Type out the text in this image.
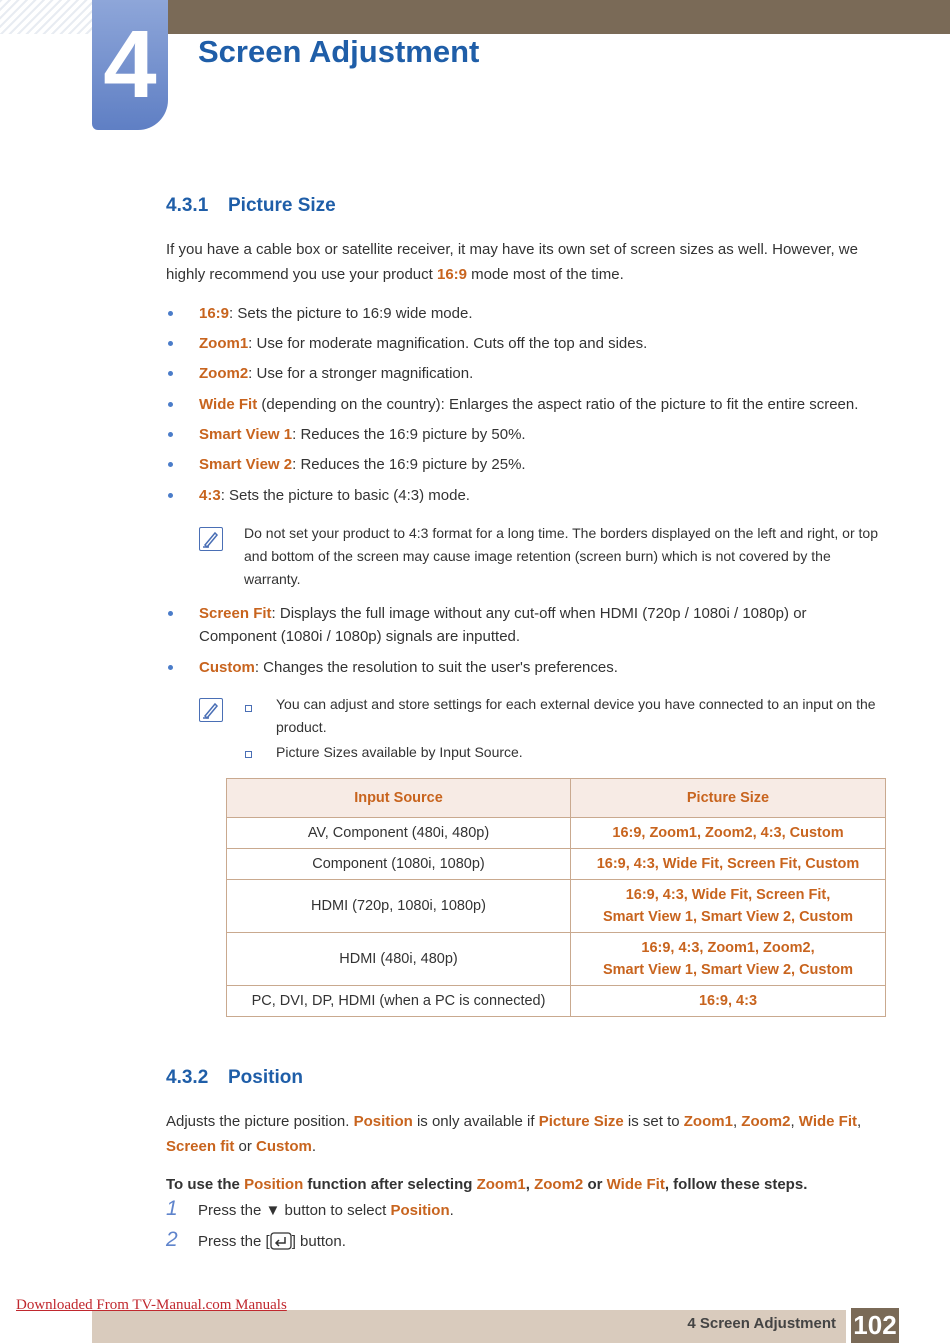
4	Screen Adjustment
4.3.1 Picture Size
If you have a cable box or satellite receiver, it may have its own set of screen sizes as well. However, we highly recommend you use your product 16:9 mode most of the time.
16:9: Sets the picture to 16:9 wide mode.
Zoom1: Use for moderate magnification. Cuts off the top and sides.
Zoom2: Use for a stronger magnification.
Wide Fit (depending on the country): Enlarges the aspect ratio of the picture to fit the entire screen.
Smart View 1: Reduces the 16:9 picture by 50%.
Smart View 2: Reduces the 16:9 picture by 25%.
4:3: Sets the picture to basic (4:3) mode.
Do not set your product to 4:3 format for a long time. The borders displayed on the left and right, or top and bottom of the screen may cause image retention (screen burn) which is not covered by the warranty.
Screen Fit: Displays the full image without any cut-off when HDMI (720p / 1080i / 1080p) or Component (1080i / 1080p) signals are inputted.
Custom: Changes the resolution to suit the user's preferences.
You can adjust and store settings for each external device you have connected to an input on the product.
Picture Sizes available by Input Source.
Input Source	Picture Size
AV, Component (480i, 480p)	16:9, Zoom1, Zoom2, 4:3, Custom
Component (1080i, 1080p)	16:9, 4:3, Wide Fit, Screen Fit, Custom
HDMI (720p, 1080i, 1080p)	16:9, 4:3, Wide Fit, Screen Fit,
Smart View 1, Smart View 2, Custom
HDMI (480i, 480p)	16:9, 4:3, Zoom1, Zoom2,
Smart View 1, Smart View 2, Custom
PC, DVI, DP, HDMI (when a PC is connected)	16:9, 4:3
4.3.2 Position
Adjusts the picture position. Position is only available if Picture Size is set to Zoom1, Zoom2, Wide Fit,
Screen fit or Custom.
To use the Position function after selecting Zoom1, Zoom2 or Wide Fit, follow these steps.
1 Press the ▼ button to select Position.
2 Press the [ ] button.
4 Screen Adjustment 102
Downloaded From TV-Manual.com Manuals
